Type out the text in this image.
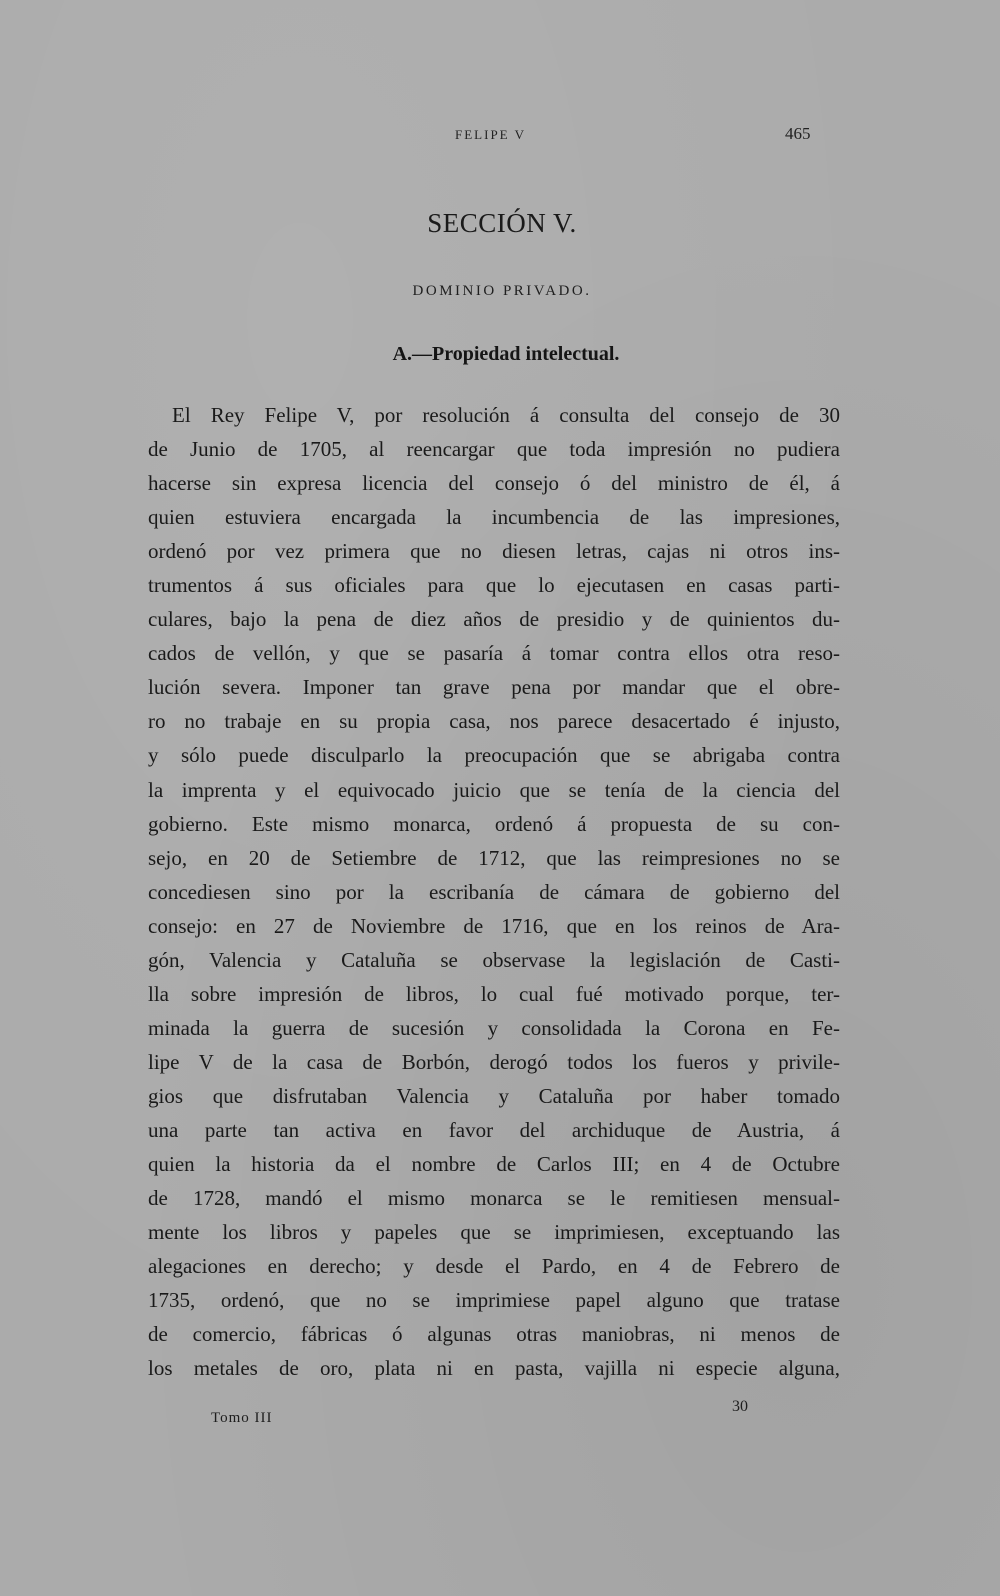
FELIPE V	465
SECCIÓN V.
DOMINIO PRIVADO.
A.—Propiedad intelectual.
El Rey Felipe V, por resolución á consulta del consejo de 30
de Junio de 1705, al reencargar que toda impresión no pudiera
hacerse sin expresa licencia del consejo ó del ministro de él, á
quien estuviera encargada la incumbencia de las impresiones,
ordenó por vez primera que no diesen letras, cajas ni otros ins-
trumentos á sus oficiales para que lo ejecutasen en casas parti-
culares, bajo la pena de diez años de presidio y de quinientos du-
cados de vellón, y que se pasaría á tomar contra ellos otra reso-
lución severa. Imponer tan grave pena por mandar que el obre-
ro no trabaje en su propia casa, nos parece desacertado é injusto,
y sólo puede disculparlo la preocupación que se abrigaba contra
la imprenta y el equivocado juicio que se tenía de la ciencia del
gobierno. Este mismo monarca, ordenó á propuesta de su con-
sejo, en 20 de Setiembre de 1712, que las reimpresiones no se
concediesen sino por la escribanía de cámara de gobierno del
consejo: en 27 de Noviembre de 1716, que en los reinos de Ara-
gón, Valencia y Cataluña se observase la legislación de Casti-
lla sobre impresión de libros, lo cual fué motivado porque, ter-
minada la guerra de sucesión y consolidada la Corona en Fe-
lipe V de la casa de Borbón, derogó todos los fueros y privile-
gios que disfrutaban Valencia y Cataluña por haber tomado
una parte tan activa en favor del archiduque de Austria, á
quien la historia da el nombre de Carlos III; en 4 de Octubre
de 1728, mandó el mismo monarca se le remitiesen mensual-
mente los libros y papeles que se imprimiesen, exceptuando las
alegaciones en derecho; y desde el Pardo, en 4 de Febrero de
1735, ordenó, que no se imprimiese papel alguno que tratase
de comercio, fábricas ó algunas otras maniobras, ni menos de
los metales de oro, plata ni en pasta, vajilla ni especie alguna,
Tomo III
30
